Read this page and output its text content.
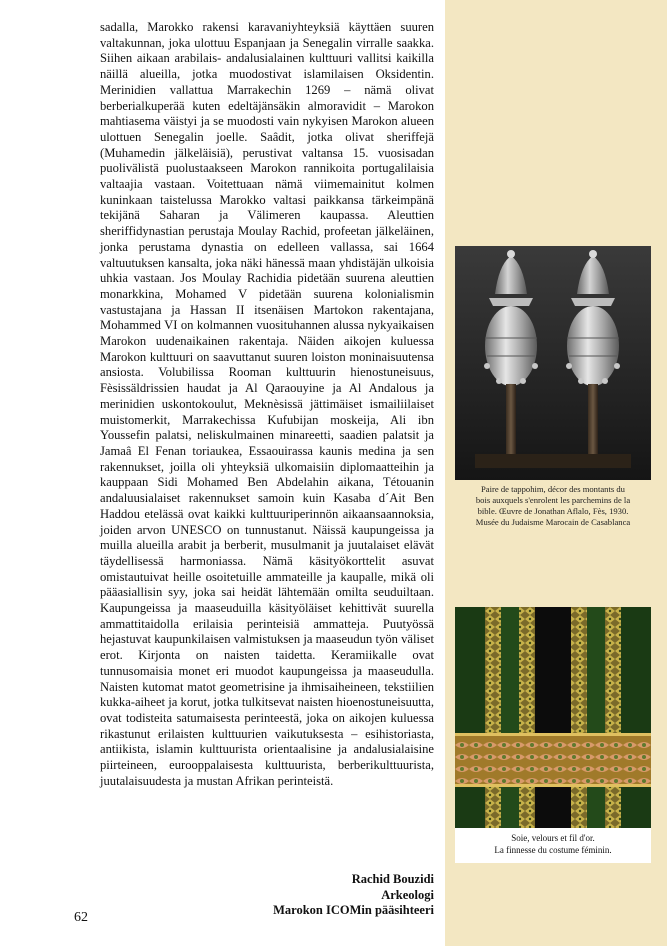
sadalla, Marokko rakensi karavaniyhteyksiä käyttäen suuren valtakunnan, joka ulottuu Espanjaan ja Senegalin virralle saakka. Siihen aikaan arabilais- andalusialainen kulttuuri vallitsi kaikilla näillä alueilla, jotka muodostivat islamilaisen Oksidentin. Merinidien vallattua Marrakechin 1269 – nämä olivat berberialkuperää kuten edeltäjänsäkin almoravidit – Marokon mahtiasema väistyi ja se muodosti vain nykyisen Marokon alueen ulottuen Senegalin joelle. Saâdit, jotka olivat sheriffejä (Muhamedin jälkeläisiä), perustivat valtansa 15. vuosisadan puolivälistä puolustaakseen Marokon rannikoita portugalilaisia valtaajia vastaan. Voitettuaan nämä viimemainitut kolmen kuninkaan taistelussa Marokko valtasi paikkansa tärkeimpänä tekijänä Saharan ja Välimeren kaupassa. Aleuttien sheriffidynastian perustaja Moulay Rachid, profeetan jälkeläinen, jonka perustama dynastia on edelleen vallassa, sai 1664 valtuutuksen kansalta, joka näki hänessä maan yhdistäjän ulkoisia uhkia vastaan. Jos Moulay Rachidia pidetään suurena aleuttien monarkkina, Mohamed V pidetään suurena kolonialismin vastustajana ja Hassan II itsenäisen Martokon rakentajana, Mohammed VI on kolmannen vuosituhannen alussa nykyaikaisen Marokon uudenaikainen rakentaja. Näiden aikojen kuluessa Marokon kulttuuri on saavuttanut suuren loiston moninaisuutensa ansiosta. Volubilissa Rooman kulttuurin hienostuneisuus, Fèsissäldrissien haudat ja Al Qaraouyine ja Al Andalous ja merinidien uskontokoulut, Meknèsissä jättimäiset ismailiilaiset muistomerkit, Marrakechissa Kufubijan moskeija, Ali ibn Youssefin palatsi, neliskulmainen minareetti, saadien palatsit ja Jamaâ El Fenan toriaukea, Essaouirassa kaunis medina ja sen rakennukset, joilla oli yhteyksiä ulkomaisiin diplomaatteihin ja kauppaan Sidi Mohamed Ben Abdelahin aikana, Tétouanin andaluusialaiset rakennukset samoin kuin Kasaba d´Ait Ben Haddou etelässä ovat kaikki kulttuuriperinnön aikaansaannoksia, joiden arvon UNESCO on tunnustanut. Näissä kaupungeissa ja muilla alueilla arabit ja berberit, musulmanit ja juutalaiset elävät täydellisessä harmoniassa. Nämä käsityökorttelit asuvat omistautuivat heille osoitetuille ammateille ja kaupalle, mikä oli pääasiallisin syy, joka sai heidät lähtemään omilta seuduiltaan. Kaupungeissa ja maaseuduilla käsityöläiset kehittivät suurella ammattitaidolla erilaisia perinteisiä ammatteja. Puutyössä hejastuvat kaupunkilaisen valmistuksen ja maaseudun työn väliset erot. Kirjonta on naisten taidetta. Keramiikalle ovat tunnusomaisia monet eri muodot kaupungeissa ja maaseudulla. Naisten kutomat matot geometrisine ja ihmisaiheineen, tekstiilien kukka-aiheet ja korut, jotka tulkitsevat naisten hioenostuneisuutta, ovat todisteita satumaisesta perinteestä, joka on aikojen kuluessa rikastunut erilaisten kulttuurien vaikutuksesta – esihistoriasta, antiikista, islamin kulttuurista orientaalisine ja andalusialaisine piirteineen, eurooppalaisesta kulttuurista, berberikulttuurista, juutalaisuudesta ja mustan Afrikan perinteistä.

Rachid Bouzidi
Arkeologi
Marokon ICOMin pääsihteeri
62
Paire de tappohim, décor des montants du
bois auxquels s'enrolent les parchemins de la
bible. Œuvre de Jonathan Aflalo, Fès, 1930.
Musée du Judaisme Marocain de Casablanca
Soie, velours et fil d'or.
La finnesse du costume féminin.
